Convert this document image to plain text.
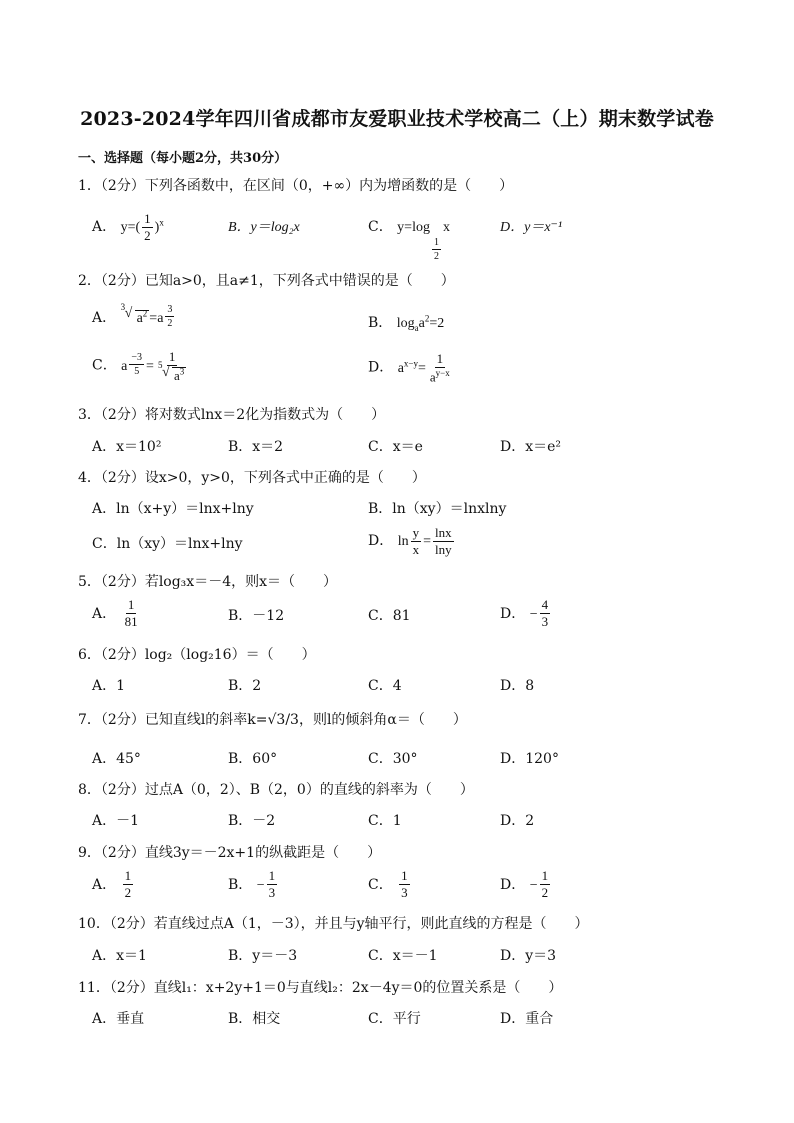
2023-2024学年四川省成都市友爱职业技术学校高二（上）期末数学试卷
一、选择题（每小题2分，共30分）
1．（2分）下列各函数中，在区间（0，+∞）内为增函数的是（　　）
A． $y=( \frac{1}{2} )^x$	B．y＝log₂x	C． y=log
$\frac{1}{2}$
x	D．y＝x⁻¹
2．（2分）已知a>0，且a≠1，下列各式中错误的是（　　）
A．
3 √ $a^2 =a \frac{3}{2}$	B． $\log_aa^2=2$
C． a $\frac{-3}{5} = \frac{1}{5 √ a^3}$	D． $a^{x-y}= \frac{1}{a^{y-x}}$
3．（2分）将对数式lnx＝2化为指数式为（　　）
A．x＝10²	B．x＝2	C．x＝e	D．x＝e²
4．（2分）设x>0，y>0，下列各式中正确的是（　　）
A．ln（x+y）＝lnx+lny	B．ln（xy）＝lnxlny
C．ln（xy）＝lnx+lny	D． $\ln \frac{y}{x} = \frac{\ln x}{\ln y}$
5．（2分）若log₃x＝－4，则x＝（　　）
A． $\frac{1}{81}$	B．－12	C．81	D． − $\frac{4}{3}$
6．（2分）log₂（log₂16）＝（　　）
A．1	B．2	C．4	D．8
7．（2分）已知直线l的斜率k=√3/3，则l的倾斜角α＝（　　）
A．45°	B．60°	C．30°	D．120°
8．（2分）过点A（0，2）、B（2，0）的直线的斜率为（　　）
A．－1	B．－2	C．1	D．2
9．（2分）直线3y＝－2x+1的纵截距是（　　）
A． $\frac{1}{2}$	B． − $\frac{1}{3}$	C． $\frac{1}{3}$	D． − $\frac{1}{2}$
10．（2分）若直线过点A（1，－3），并且与y轴平行，则此直线的方程是（　　）
A．x＝1	B．y＝－3	C．x＝－1	D．y＝3
11．（2分）直线l₁：x+2y+1＝0与直线l₂：2x－4y＝0的位置关系是（　　）
A．垂直	B．相交	C．平行	D．重合
